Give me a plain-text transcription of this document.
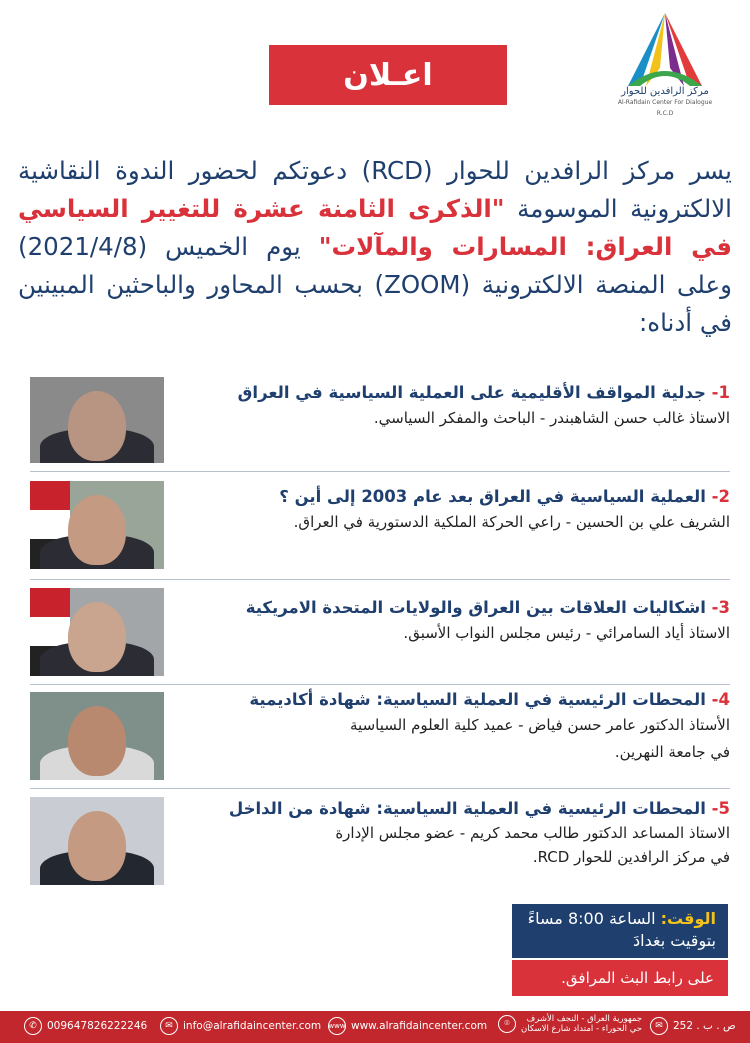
اعـلان	مركز الرافدين للحوار
Al-Rafidain Center For Dialogue
R.C.D
يسر مركز الرافدين للحوار (RCD) دعوتكم لحضور الندوة النقاشية الالكترونية الموسومة "الذكرى الثامنة عشرة للتغيير السياسي في العراق: المسارات والمآلات" يوم الخميس (2021/4/8) وعلى المنصة الالكترونية (ZOOM) بحسب المحاور والباحثين المبينين في أدناه:
1- جدلية المواقف الأقليمية على العملية السياسية في العراق
الاستاذ غالب حسن الشاهبندر - الباحث والمفكر السياسي.
2- العملية السياسية في العراق بعد عام 2003 إلى أين ؟
الشريف علي بن الحسين - راعي الحركة الملكية الدستورية في العراق.
3- اشكاليات العلاقات بين العراق والولايات المتحدة الامريكية
الاستاذ أياد السامرائي - رئيس مجلس النواب الأسبق.
4- المحطات الرئيسية في العملية السياسية: شهادة أكاديمية
الأستاذ الدكتور عامر حسن فياض - عميد كلية العلوم السياسية
في جامعة النهرين.
5- المحطات الرئيسية في العملية السياسية: شهادة من الداخل
الاستاذ المساعد الدكتور طالب محمد كريم - عضو مجلس الإدارة
في مركز الرافدين للحوار RCD.
الوقت: الساعة 8:00 مساءً
بتوقيت بغدادَ
على رابط البث المرافق.
✆ 009647826222246	✉ info@alrafidaincenter.com www www.alrafidaincenter.com	⌾	جمهورية العراق - النجف الأشرف
حي الحوراء - امتداد شارع الاسكان	✉ ص . ب . 252
